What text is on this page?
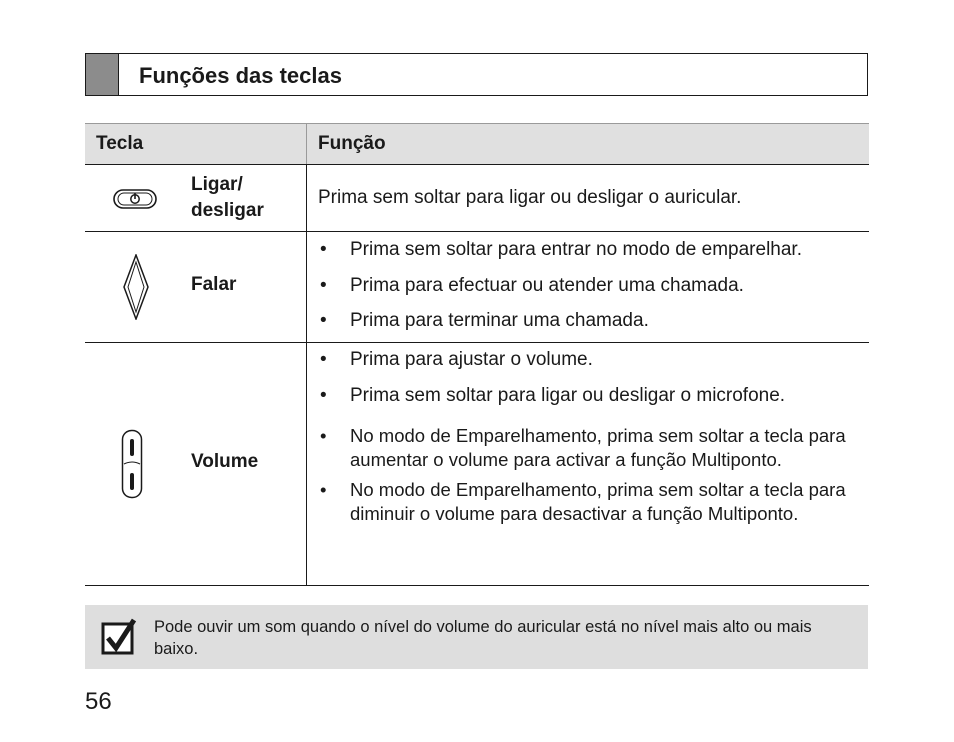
Funções das teclas
Tecla	Função
Ligar/
desligar
Prima sem soltar para ligar ou desligar o auricular.
Falar
• Prima sem soltar para entrar no modo de emparelhar.
• Prima para efectuar ou atender uma chamada.
• Prima para terminar uma chamada.
Volume
• Prima para ajustar o volume.
• Prima sem soltar para ligar ou desligar o microfone.
• No modo de Emparelhamento, prima sem soltar a tecla para aumentar o volume para activar a função Multiponto.
• No modo de Emparelhamento, prima sem soltar a tecla para diminuir o volume para desactivar a função Multiponto.
Pode ouvir um som quando o nível do volume do auricular está no nível mais alto ou mais baixo.
56
